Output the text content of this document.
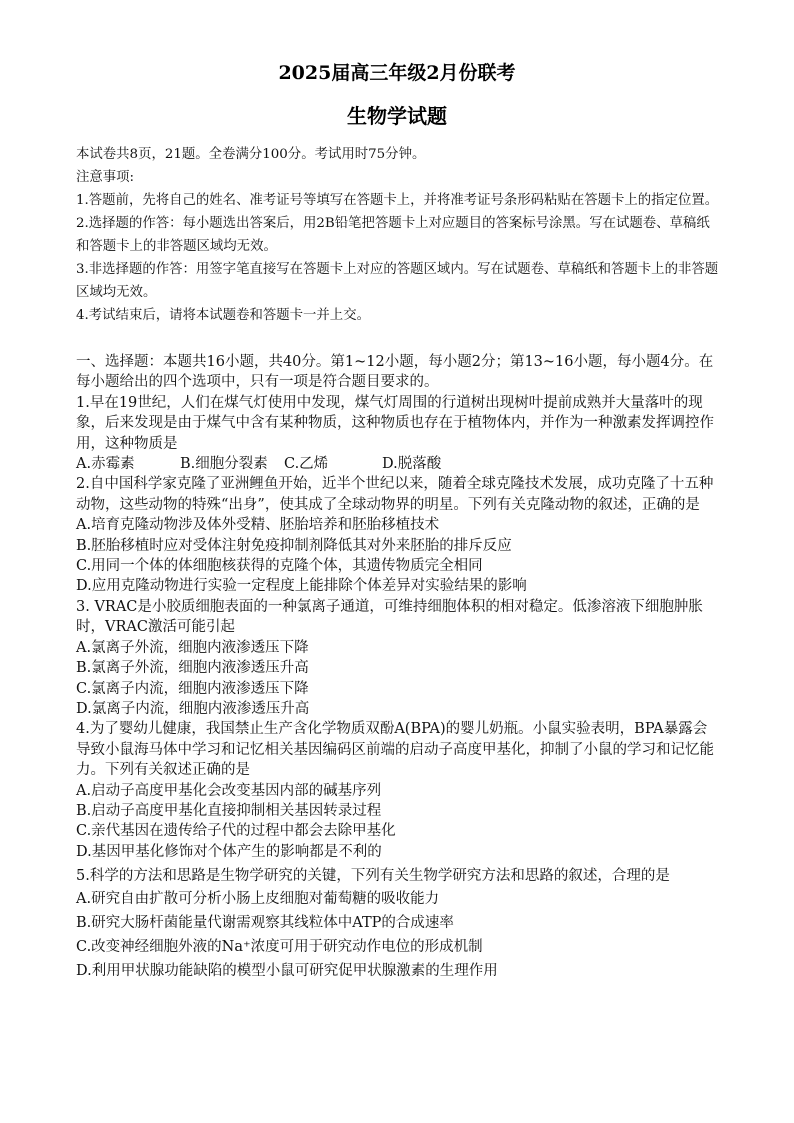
2025届高三年级2月份联考
生物学试题

本试卷共8页，21题。全卷满分100分。考试用时75分钟。

注意事项:

1.答题前，先将自己的姓名、准考证号等填写在答题卡上，并将准考证号条形码粘贴在答题卡上的指定位置。

2.选择题的作答：每小题选出答案后，用2B铅笔把答题卡上对应题目的答案标号涂黑。写在试题卷、草稿纸和答题卡上的非答题区域均无效。

3.非选择题的作答：用签字笔直接写在答题卡上对应的答题区域内。写在试题卷、草稿纸和答题卡上的非答题区域均无效。

4.考试结束后，请将本试题卷和答题卡一并上交。

一、选择题：本题共16小题，共40分。第1~12小题，每小题2分；第13~16小题，每小题4分。在每小题给出的四个选项中，只有一项是符合题目要求的。

1.早在19世纪，人们在煤气灯使用中发现，煤气灯周围的行道树出现树叶提前成熟并大量落叶的现象，后来发现是由于煤气中含有某种物质，这种物质也存在于植物体内，并作为一种激素发挥调控作用，这种物质是

A.赤霉素	B.细胞分裂素 C.乙烯	D.脱落酸

2.自中国科学家克隆了亚洲鲤鱼开始，近半个世纪以来，随着全球克隆技术发展，成功克隆了十五种动物，这些动物的特殊“出身”，使其成了全球动物界的明星。下列有关克隆动物的叙述，正确的是

A.培育克隆动物涉及体外受精、胚胎培养和胚胎移植技术

B.胚胎移植时应对受体注射免疫抑制剂降低其对外来胚胎的排斥反应

C.用同一个体的体细胞核获得的克隆个体，其遗传物质完全相同

D.应用克隆动物进行实验一定程度上能排除个体差异对实验结果的影响

3. VRAC是小胶质细胞表面的一种氯离子通道，可维持细胞体积的相对稳定。低渗溶液下细胞肿胀时，VRAC激活可能引起

A.氯离子外流，细胞内液渗透压下降

B.氯离子外流，细胞内液渗透压升高

C.氯离子内流，细胞内液渗透压下降

D.氯离子内流，细胞内液渗透压升高

4.为了婴幼儿健康，我国禁止生产含化学物质双酚A(BPA)的婴儿奶瓶。小鼠实验表明，BPA暴露会导致小鼠海马体中学习和记忆相关基因编码区前端的启动子高度甲基化，抑制了小鼠的学习和记忆能力。下列有关叙述正确的是

A.启动子高度甲基化会改变基因内部的碱基序列

B.启动子高度甲基化直接抑制相关基因转录过程

C.亲代基因在遗传给子代的过程中都会去除甲基化

D.基因甲基化修饰对个体产生的影响都是不利的

5.科学的方法和思路是生物学研究的关键，下列有关生物学研究方法和思路的叙述，合理的是

A.研究自由扩散可分析小肠上皮细胞对葡萄糖的吸收能力

B.研究大肠杆菌能量代谢需观察其线粒体中ATP的合成速率

C.改变神经细胞外液的Na⁺浓度可用于研究动作电位的形成机制

D.利用甲状腺功能缺陷的模型小鼠可研究促甲状腺激素的生理作用
